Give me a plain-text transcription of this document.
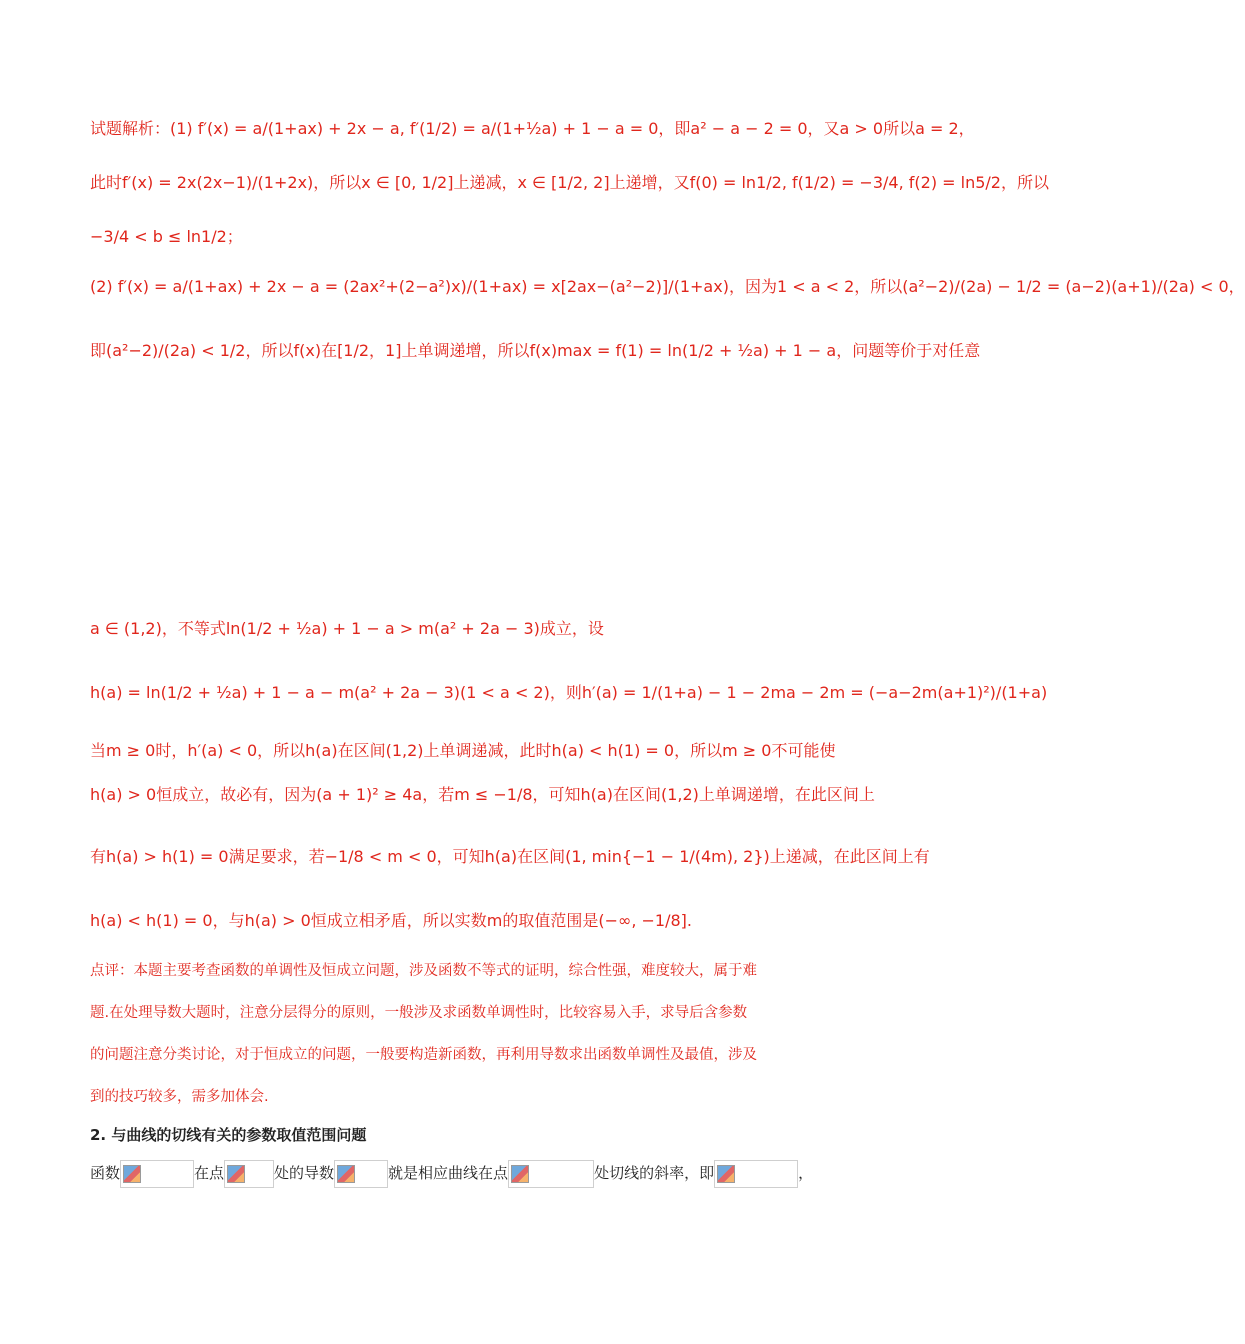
试题解析：(1) f′(x) = a/(1+ax) + 2x − a, f′(1/2) = a/(1+½a) + 1 − a = 0，即a² − a − 2 = 0，又a > 0所以a = 2，
此时f′(x) = 2x(2x−1)/(1+2x)，所以x ∈ [0, 1/2]上递减，x ∈ [1/2, 2]上递增，又f(0) = ln1/2, f(1/2) = −3/4, f(2) = ln5/2，所以
−3/4 < b ≤ ln1/2；
(2) f′(x) = a/(1+ax) + 2x − a = (2ax²+(2−a²)x)/(1+ax) = x[2ax−(a²−2)]/(1+ax)，因为1 < a < 2，所以(a²−2)/(2a) − 1/2 = (a−2)(a+1)/(2a) < 0，
即(a²−2)/(2a) < 1/2，所以f(x)在[1/2，1]上单调递增，所以f(x)max = f(1) = ln(1/2 + ½a) + 1 − a，问题等价于对任意
a ∈ (1,2)，不等式ln(1/2 + ½a) + 1 − a > m(a² + 2a − 3)成立，设
h(a) = ln(1/2 + ½a) + 1 − a − m(a² + 2a − 3)(1 < a < 2)，则h′(a) = 1/(1+a) − 1 − 2ma − 2m = (−a−2m(a+1)²)/(1+a)
当m ≥ 0时，h′(a) < 0，所以h(a)在区间(1,2)上单调递减，此时h(a) < h(1) = 0，所以m ≥ 0不可能使
h(a) > 0恒成立，故必有，因为(a + 1)² ≥ 4a，若m ≤ −1/8，可知h(a)在区间(1,2)上单调递增，在此区间上
有h(a) > h(1) = 0满足要求，若−1/8 < m < 0，可知h(a)在区间(1, min{−1 − 1/(4m), 2})上递减，在此区间上有
h(a) < h(1) = 0，与h(a) > 0恒成立相矛盾，所以实数m的取值范围是(−∞, −1/8].
点评：本题主要考查函数的单调性及恒成立问题，涉及函数不等式的证明，综合性强，难度较大，属于难
题.在处理导数大题时，注意分层得分的原则，一般涉及求函数单调性时，比较容易入手，求导后含参数
的问题注意分类讨论，对于恒成立的问题，一般要构造新函数，再利用导数求出函数单调性及最值，涉及
到的技巧较多，需多加体会.
2. 与曲线的切线有关的参数取值范围问题
函数	在点	处的导数	就是相应曲线在点	处切线的斜率，即	，
